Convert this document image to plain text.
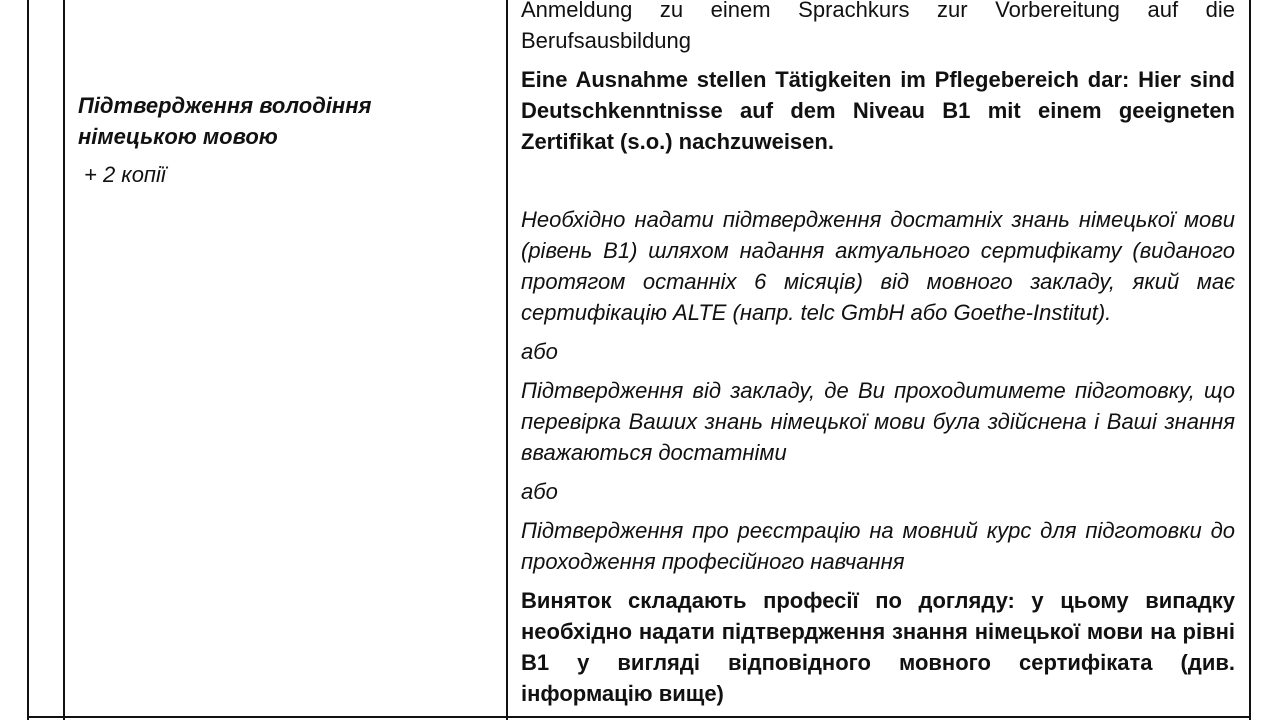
Підтвердження володіння
німецькою мовою
+ 2 копії

Anmeldung zu einem Sprachkurs zur Vorbereitung auf die

Berufsausbildung

Eine Ausnahme stellen Tätigkeiten im Pflegebereich dar: Hier sind Deutschkenntnisse auf dem Niveau B1 mit einem geeigneten Zertifikat (s.o.) nachzuweisen.

Необхідно надати підтвердження достатніх знань німецької мови (рівень B1) шляхом надання актуального сертифікату (виданого протягом останніх 6 місяців) від мовного закладу, який має сертифікацію ALTE (напр. telc GmbH або Goethe-Institut).

або

Підтвердження від закладу, де Ви проходитимете підготовку, що перевірка Ваших знань німецької мови була здійснена і Ваші знання вважаються достатніми

або

Підтвердження про реєстрацію на мовний курс для підготовки до проходження професійного навчання

Виняток складають професії по догляду: у цьому випадку необхідно надати підтвердження знання німецької мови на рівні B1 у вигляді відповідного мовного сертифіката (див. інформацію вище)
